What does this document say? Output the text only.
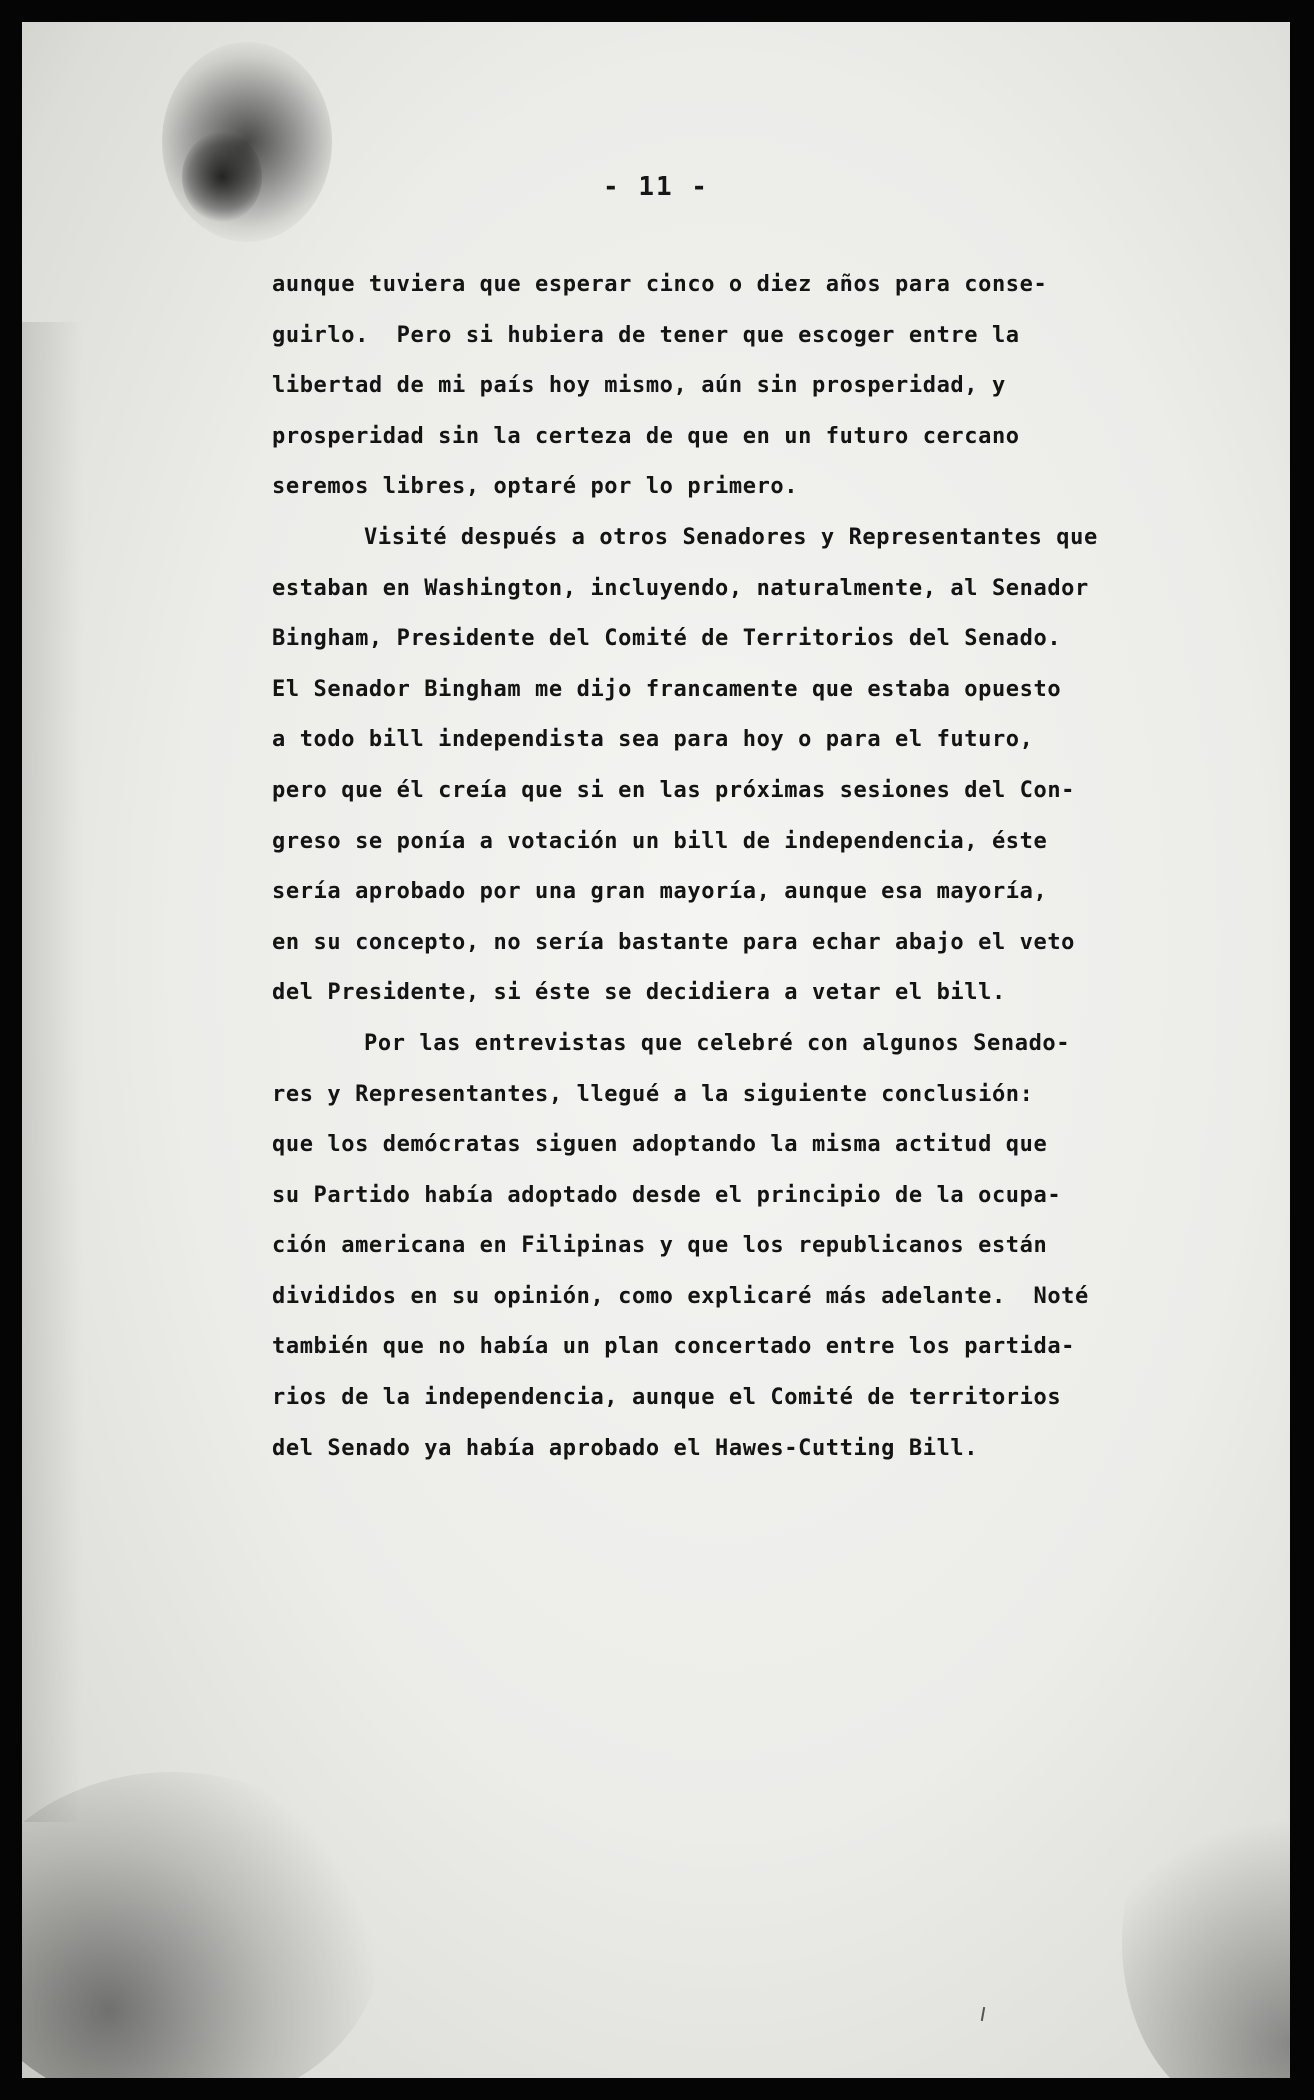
- 11 -
aunque tuviera que esperar cinco o diez años para conse-
guirlo.  Pero si hubiera de tener que escoger entre la
libertad de mi país hoy mismo, aún sin prosperidad, y
prosperidad sin la certeza de que en un futuro cercano
seremos libres, optaré por lo primero.
Visité después a otros Senadores y Representantes que
estaban en Washington, incluyendo, naturalmente, al Senador
Bingham, Presidente del Comité de Territorios del Senado.
El Senador Bingham me dijo francamente que estaba opuesto
a todo bill independista sea para hoy o para el futuro,
pero que él creía que si en las próximas sesiones del Con-
greso se ponía a votación un bill de independencia, éste
sería aprobado por una gran mayoría, aunque esa mayoría,
en su concepto, no sería bastante para echar abajo el veto
del Presidente, si éste se decidiera a vetar el bill.
Por las entrevistas que celebré con algunos Senado-
res y Representantes, llegué a la siguiente conclusión:
que los demócratas siguen adoptando la misma actitud que
su Partido había adoptado desde el principio de la ocupa-
ción americana en Filipinas y que los republicanos están
divididos en su opinión, como explicaré más adelante.  Noté
también que no había un plan concertado entre los partida-
rios de la independencia, aunque el Comité de territorios
del Senado ya había aprobado el Hawes-Cutting Bill.
